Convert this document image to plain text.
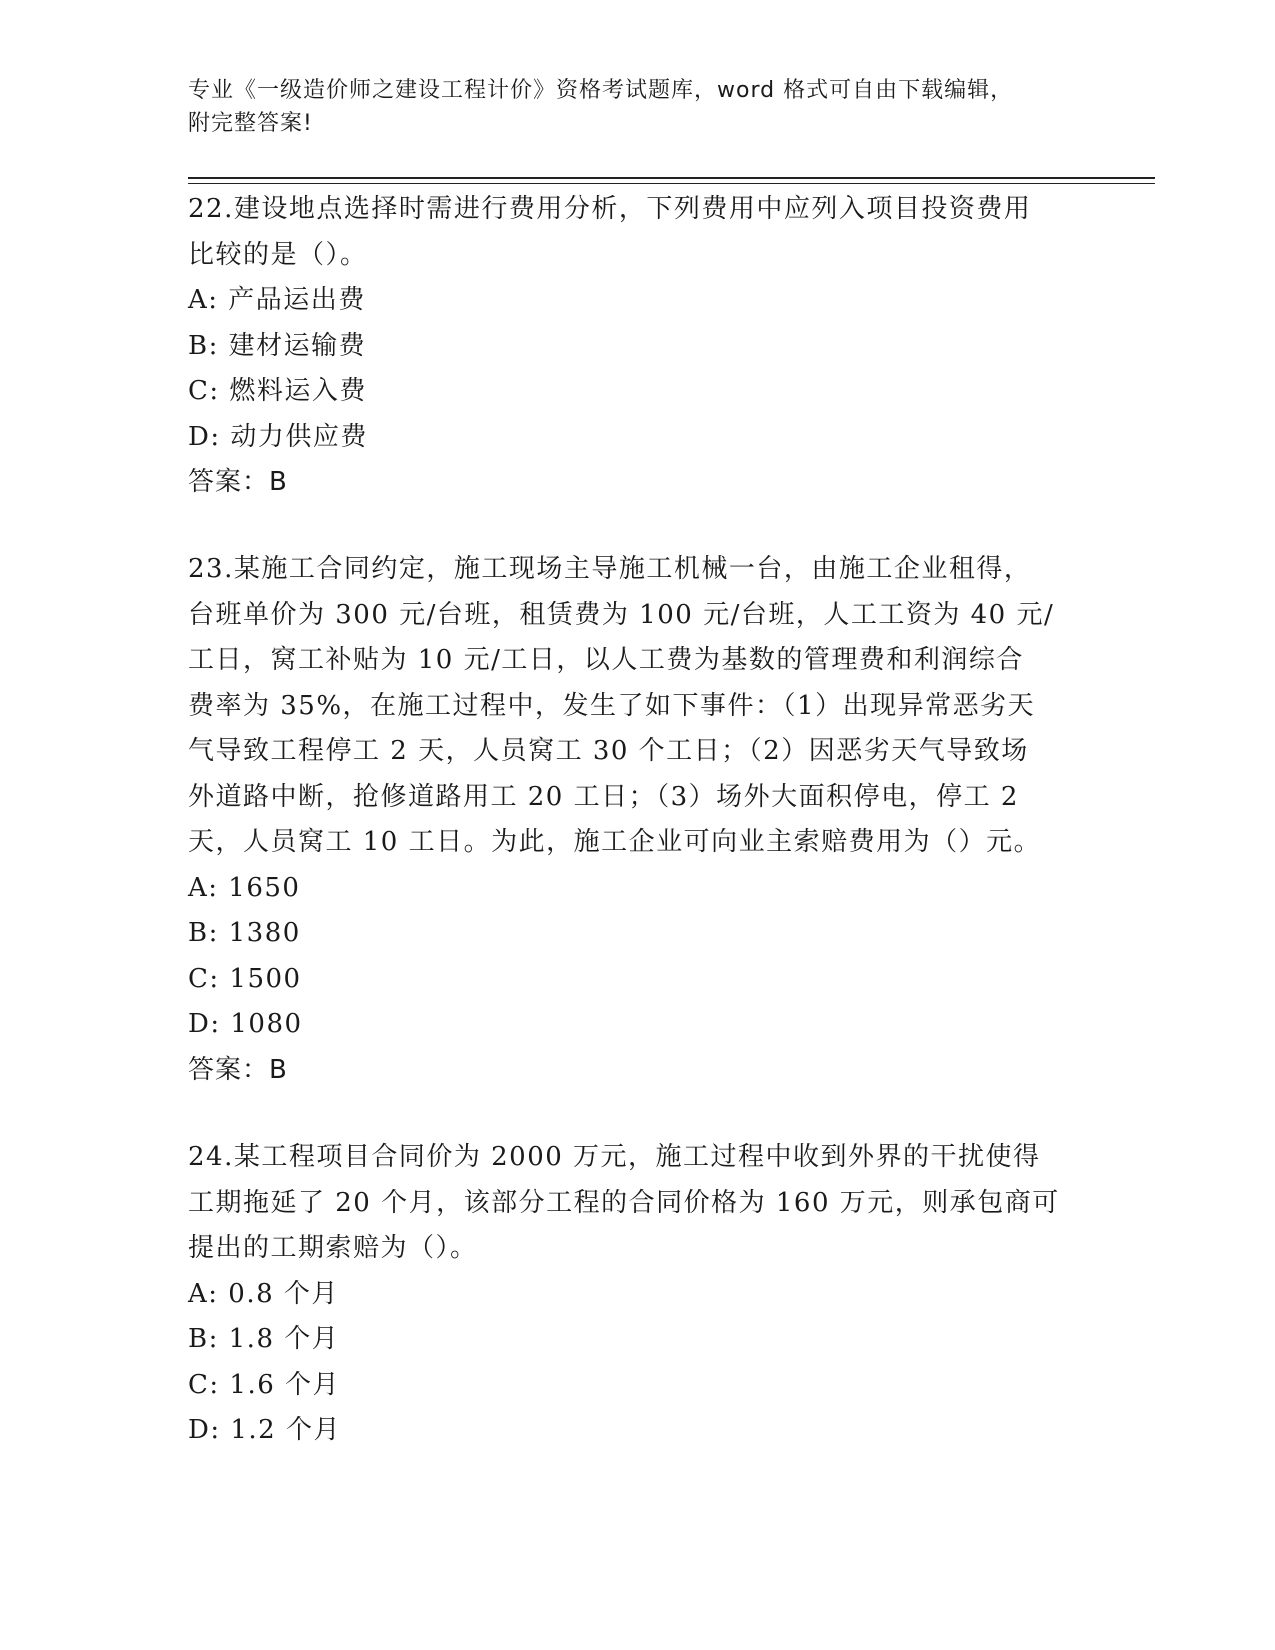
专业《一级造价师之建设工程计价》资格考试题库，word 格式可自由下载编辑，
附完整答案!

22.建设地点选择时需进行费用分析，下列费用中应列入项目投资费用

比较的是（）。

A: 产品运出费

B: 建材运输费

C: 燃料运入费

D: 动力供应费

答案：B

23.某施工合同约定，施工现场主导施工机械一台，由施工企业租得，

台班单价为 300 元/台班，租赁费为 100 元/台班，人工工资为 40 元/

工日，窝工补贴为 10 元/工日，以人工费为基数的管理费和利润综合

费率为 35%，在施工过程中，发生了如下事件：（1）出现异常恶劣天

气导致工程停工 2 天，人员窝工 30 个工日；（2）因恶劣天气导致场

外道路中断，抢修道路用工 20 工日；（3）场外大面积停电，停工 2

天，人员窝工 10 工日。为此，施工企业可向业主索赔费用为（）元。

A: 1650

B: 1380

C: 1500

D: 1080

答案：B

24.某工程项目合同价为 2000 万元，施工过程中收到外界的干扰使得

工期拖延了 20 个月，该部分工程的合同价格为 160 万元，则承包商可

提出的工期索赔为（）。

A: 0.8 个月

B: 1.8 个月

C: 1.6 个月

D: 1.2 个月
